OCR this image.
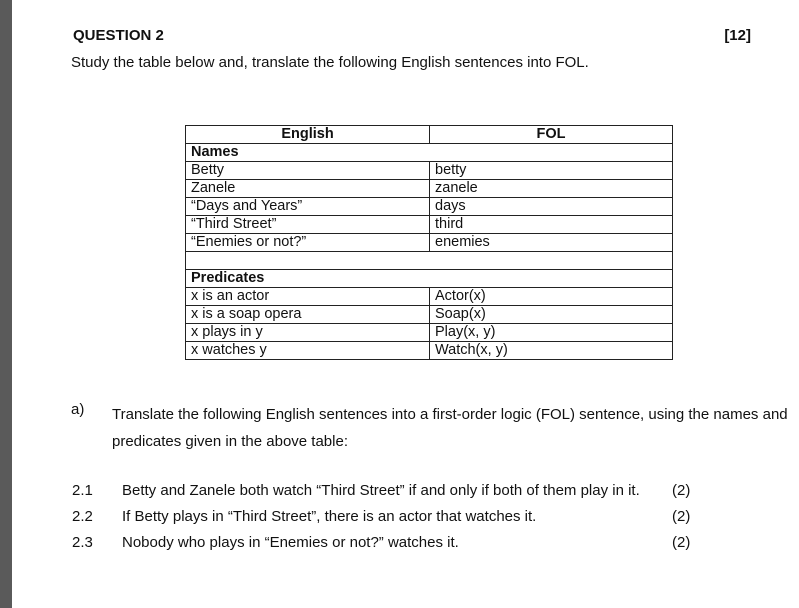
QUESTION 2	[12]
Study the table below and, translate the following English sentences into FOL.
English	FOL
Names	
Betty	betty
Zanele	zanele
“Days and Years”	days
“Third Street”	third
“Enemies or not?”	enemies

Predicates	
x is an actor	Actor(x)
x is a soap opera	Soap(x)
x plays in y	Play(x, y)
x watches y	Watch(x, y)
a) Translate the following English sentences into a first-order logic (FOL) sentence, using the names and predicates given in the above table:
2.1 Betty and Zanele both watch “Third Street” if and only if both of them play in it. (2)
2.2 If Betty plays in “Third Street”, there is an actor that watches it.	(2)
2.3 Nobody who plays in “Enemies or not?” watches it.	(2)
